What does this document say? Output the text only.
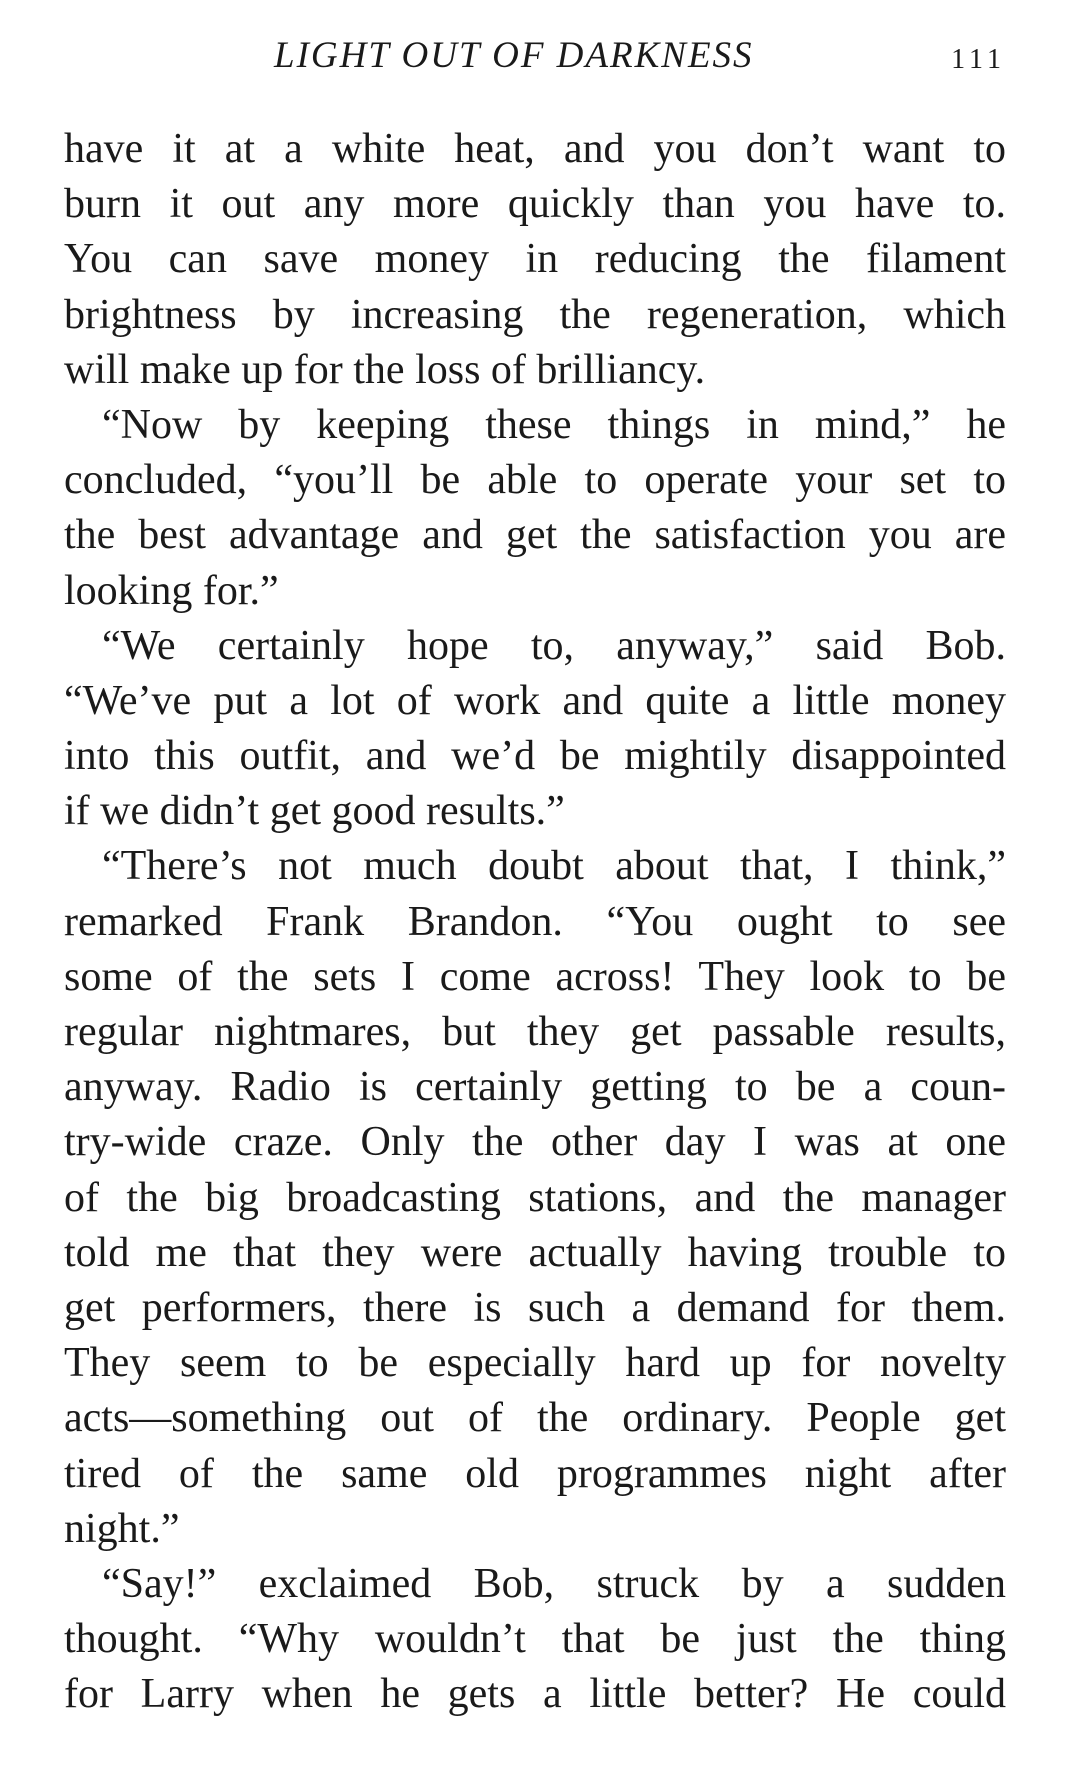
LIGHT OUT OF DARKNESS	111
have it at a white heat, and you don’t want to
burn it out any more quickly than you have to.
You can save money in reducing the filament
brightness by increasing the regeneration, which
will make up for the loss of brilliancy.
“Now by keeping these things in mind,” he
concluded, “you’ll be able to operate your set to
the best advantage and get the satisfaction you are
looking for.”
“We certainly hope to, anyway,” said Bob.
“We’ve put a lot of work and quite a little money
into this outfit, and we’d be mightily disappointed
if we didn’t get good results.”
“There’s not much doubt about that, I think,”
remarked Frank Brandon. “You ought to see
some of the sets I come across! They look to be
regular nightmares, but they get passable results,
anyway. Radio is certainly getting to be a coun-
try-wide craze. Only the other day I was at one
of the big broadcasting stations, and the manager
told me that they were actually having trouble to
get performers, there is such a demand for them.
They seem to be especially hard up for novelty
acts—something out of the ordinary. People get
tired of the same old programmes night after
night.”
“Say!” exclaimed Bob, struck by a sudden
thought. “Why wouldn’t that be just the thing
for Larry when he gets a little better? He could
